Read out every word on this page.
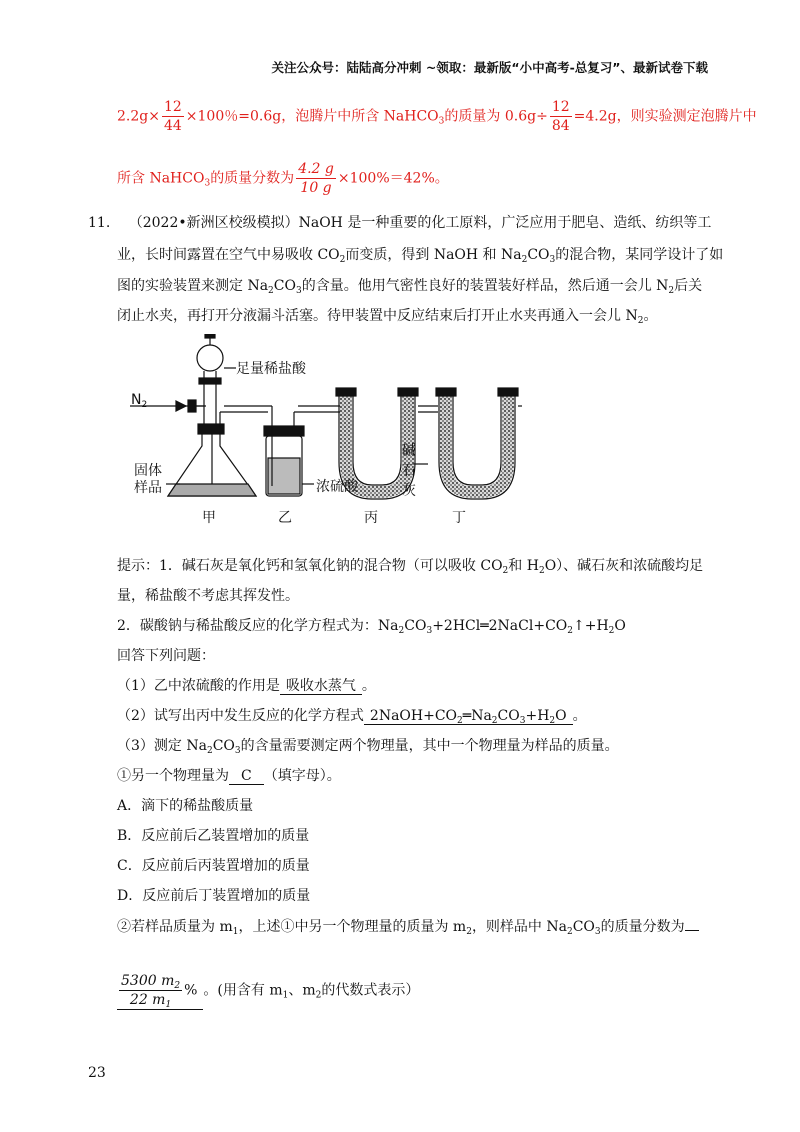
关注公众号：陆陆高分冲刺 ~领取：最新版“小中高考-总复习”、最新试卷下载
$2.2g\times \frac{12}{44} \times 100$％=0.6g，泡腾片中所含 NaHCO$_3$的质量为 $0.6g\div \frac{12}{84} =4.2g$，则实验测定泡腾片中
所含 NaHCO$_3$的质量分数为 $\frac{4.2 g}{10 g} \times 100\%=42\%$。
11. （2022•新洲区校级模拟）NaOH 是一种重要的化工原料，广泛应用于肥皂、造纸、纺织等工
业，长时间露置在空气中易吸收 $CO_2$而变质，得到 NaOH 和 $Na_2CO_3$的混合物，某同学设计了如
图的实验装置来测定 $Na_2CO_3$的含量。他用气密性良好的装置装好样品，然后通一会儿 $N_2$后关
闭止水夹，再打开分液漏斗活塞。待甲装置中反应结束后打开止水夹再通入一会儿 $N_2$。
足量稀盐酸
$N_2$
固体
样品	浓硫酸
碱
石
灰
甲	乙	丙	丁
提示：1．碱石灰是氧化钙和氢氧化钠的混合物（可以吸收 $CO_2$和 $H_2O$）、碱石灰和浓硫酸均足
量，稀盐酸不考虑其挥发性。
2．碳酸钠与稀盐酸反应的化学方程式为：$Na_2CO_3+2HCl═2NaCl+CO_2↑+H_2O$
回答下列问题：
（1）乙中浓硫酸的作用是 吸收水蒸气 。
（2）试写出丙中发生反应的化学方程式 $2NaOH+CO_2═Na_2CO_3+H_2O$ 。
（3）测定 $Na_2CO_3$的含量需要测定两个物理量，其中一个物理量为样品的质量。
①另一个物理量为 C （填字母）。
A．滴下的稀盐酸质量
B．反应前后乙装置增加的质量
C．反应前后丙装置增加的质量
D．反应前后丁装置增加的质量
②若样品质量为 $m_1$，上述①中另一个物理量的质量为 $m_2$，则样品中 $Na_2CO_3$的质量分数为
$\frac{5300 m_2}{22 m_1}$ % 。(用含有 $m_1$、$m_2$的代数式表示）
23
